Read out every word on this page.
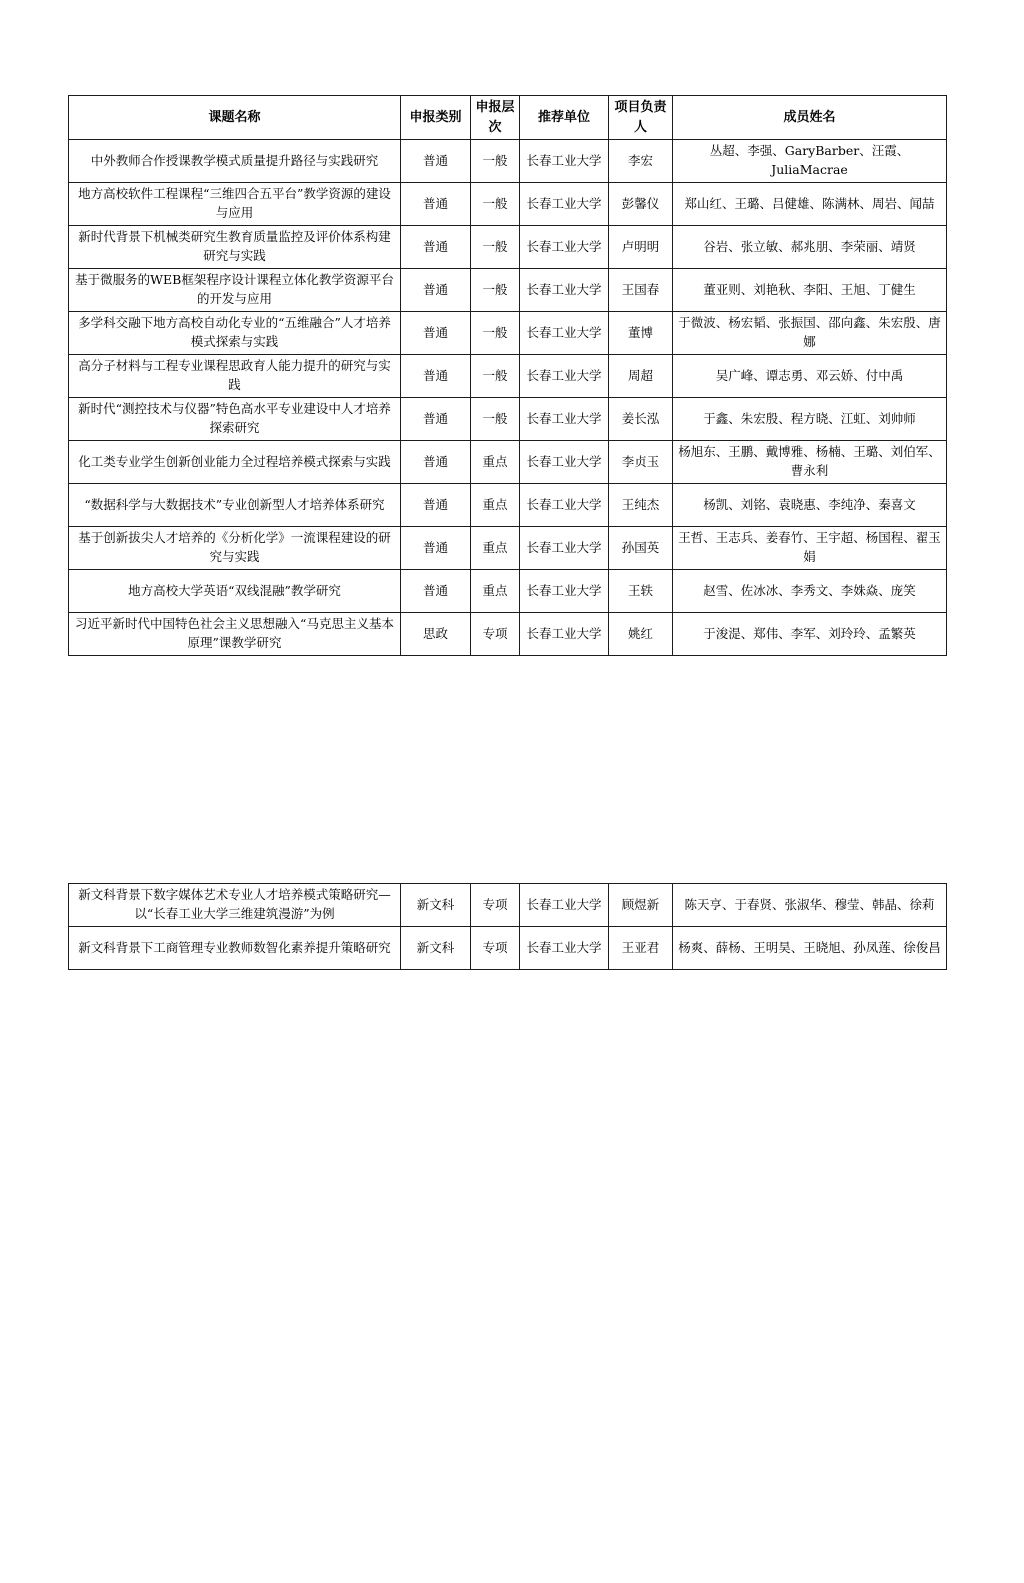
课题名称	申报类别	申报层次	推荐单位	项目负责人	成员姓名
中外教师合作授课教学模式质量提升路径与实践研究	普通	一般	长春工业大学	李宏	丛超、李强、GaryBarber、汪霞、JuliaMacrae
地方高校软件工程课程“三维四合五平台”教学资源的建设与应用	普通	一般	长春工业大学	彭馨仪	郑山红、王璐、吕健雄、陈满林、周岩、闻喆
新时代背景下机械类研究生教育质量监控及评价体系构建研究与实践	普通	一般	长春工业大学	卢明明	谷岩、张立敏、郝兆朋、李荣丽、靖贤
基于微服务的WEB框架程序设计课程立体化教学资源平台的开发与应用	普通	一般	长春工业大学	王国春	董亚则、刘艳秋、李阳、王旭、丁健生
多学科交融下地方高校自动化专业的“五维融合”人才培养模式探索与实践	普通	一般	长春工业大学	董博	于微波、杨宏韬、张振国、邵向鑫、朱宏殷、唐娜
高分子材料与工程专业课程思政育人能力提升的研究与实践	普通	一般	长春工业大学	周超	吴广峰、谭志勇、邓云娇、付中禹
新时代“测控技术与仪器”特色高水平专业建设中人才培养探索研究	普通	一般	长春工业大学	姜长泓	于鑫、朱宏殷、程方晓、江虹、刘帅师
化工类专业学生创新创业能力全过程培养模式探索与实践	普通	重点	长春工业大学	李贞玉	杨旭东、王鹏、戴博雅、杨楠、王璐、刘伯军、曹永利
“数据科学与大数据技术”专业创新型人才培养体系研究	普通	重点	长春工业大学	王纯杰	杨凯、刘铭、袁晓惠、李纯净、秦喜文
基于创新拔尖人才培养的《分析化学》一流课程建设的研究与实践	普通	重点	长春工业大学	孙国英	王哲、王志兵、姜春竹、王宇超、杨国程、翟玉娟
地方高校大学英语“双线混融”教学研究	普通	重点	长春工业大学	王轶	赵雪、佐冰冰、李秀文、李姝焱、庞笑
习近平新时代中国特色社会主义思想融入“马克思主义基本原理”课教学研究	思政	专项	长春工业大学	姚红	于浚湜、郑伟、李军、刘玲玲、孟繁英
新文科背景下数字媒体艺术专业人才培养模式策略研究—以“长春工业大学三维建筑漫游”为例	新文科	专项	长春工业大学	顾煜新	陈天亨、于春贤、张淑华、穆莹、韩晶、徐莉
新文科背景下工商管理专业教师数智化素养提升策略研究	新文科	专项	长春工业大学	王亚君	杨爽、薛杨、王明昊、王晓旭、孙凤莲、徐俊昌
